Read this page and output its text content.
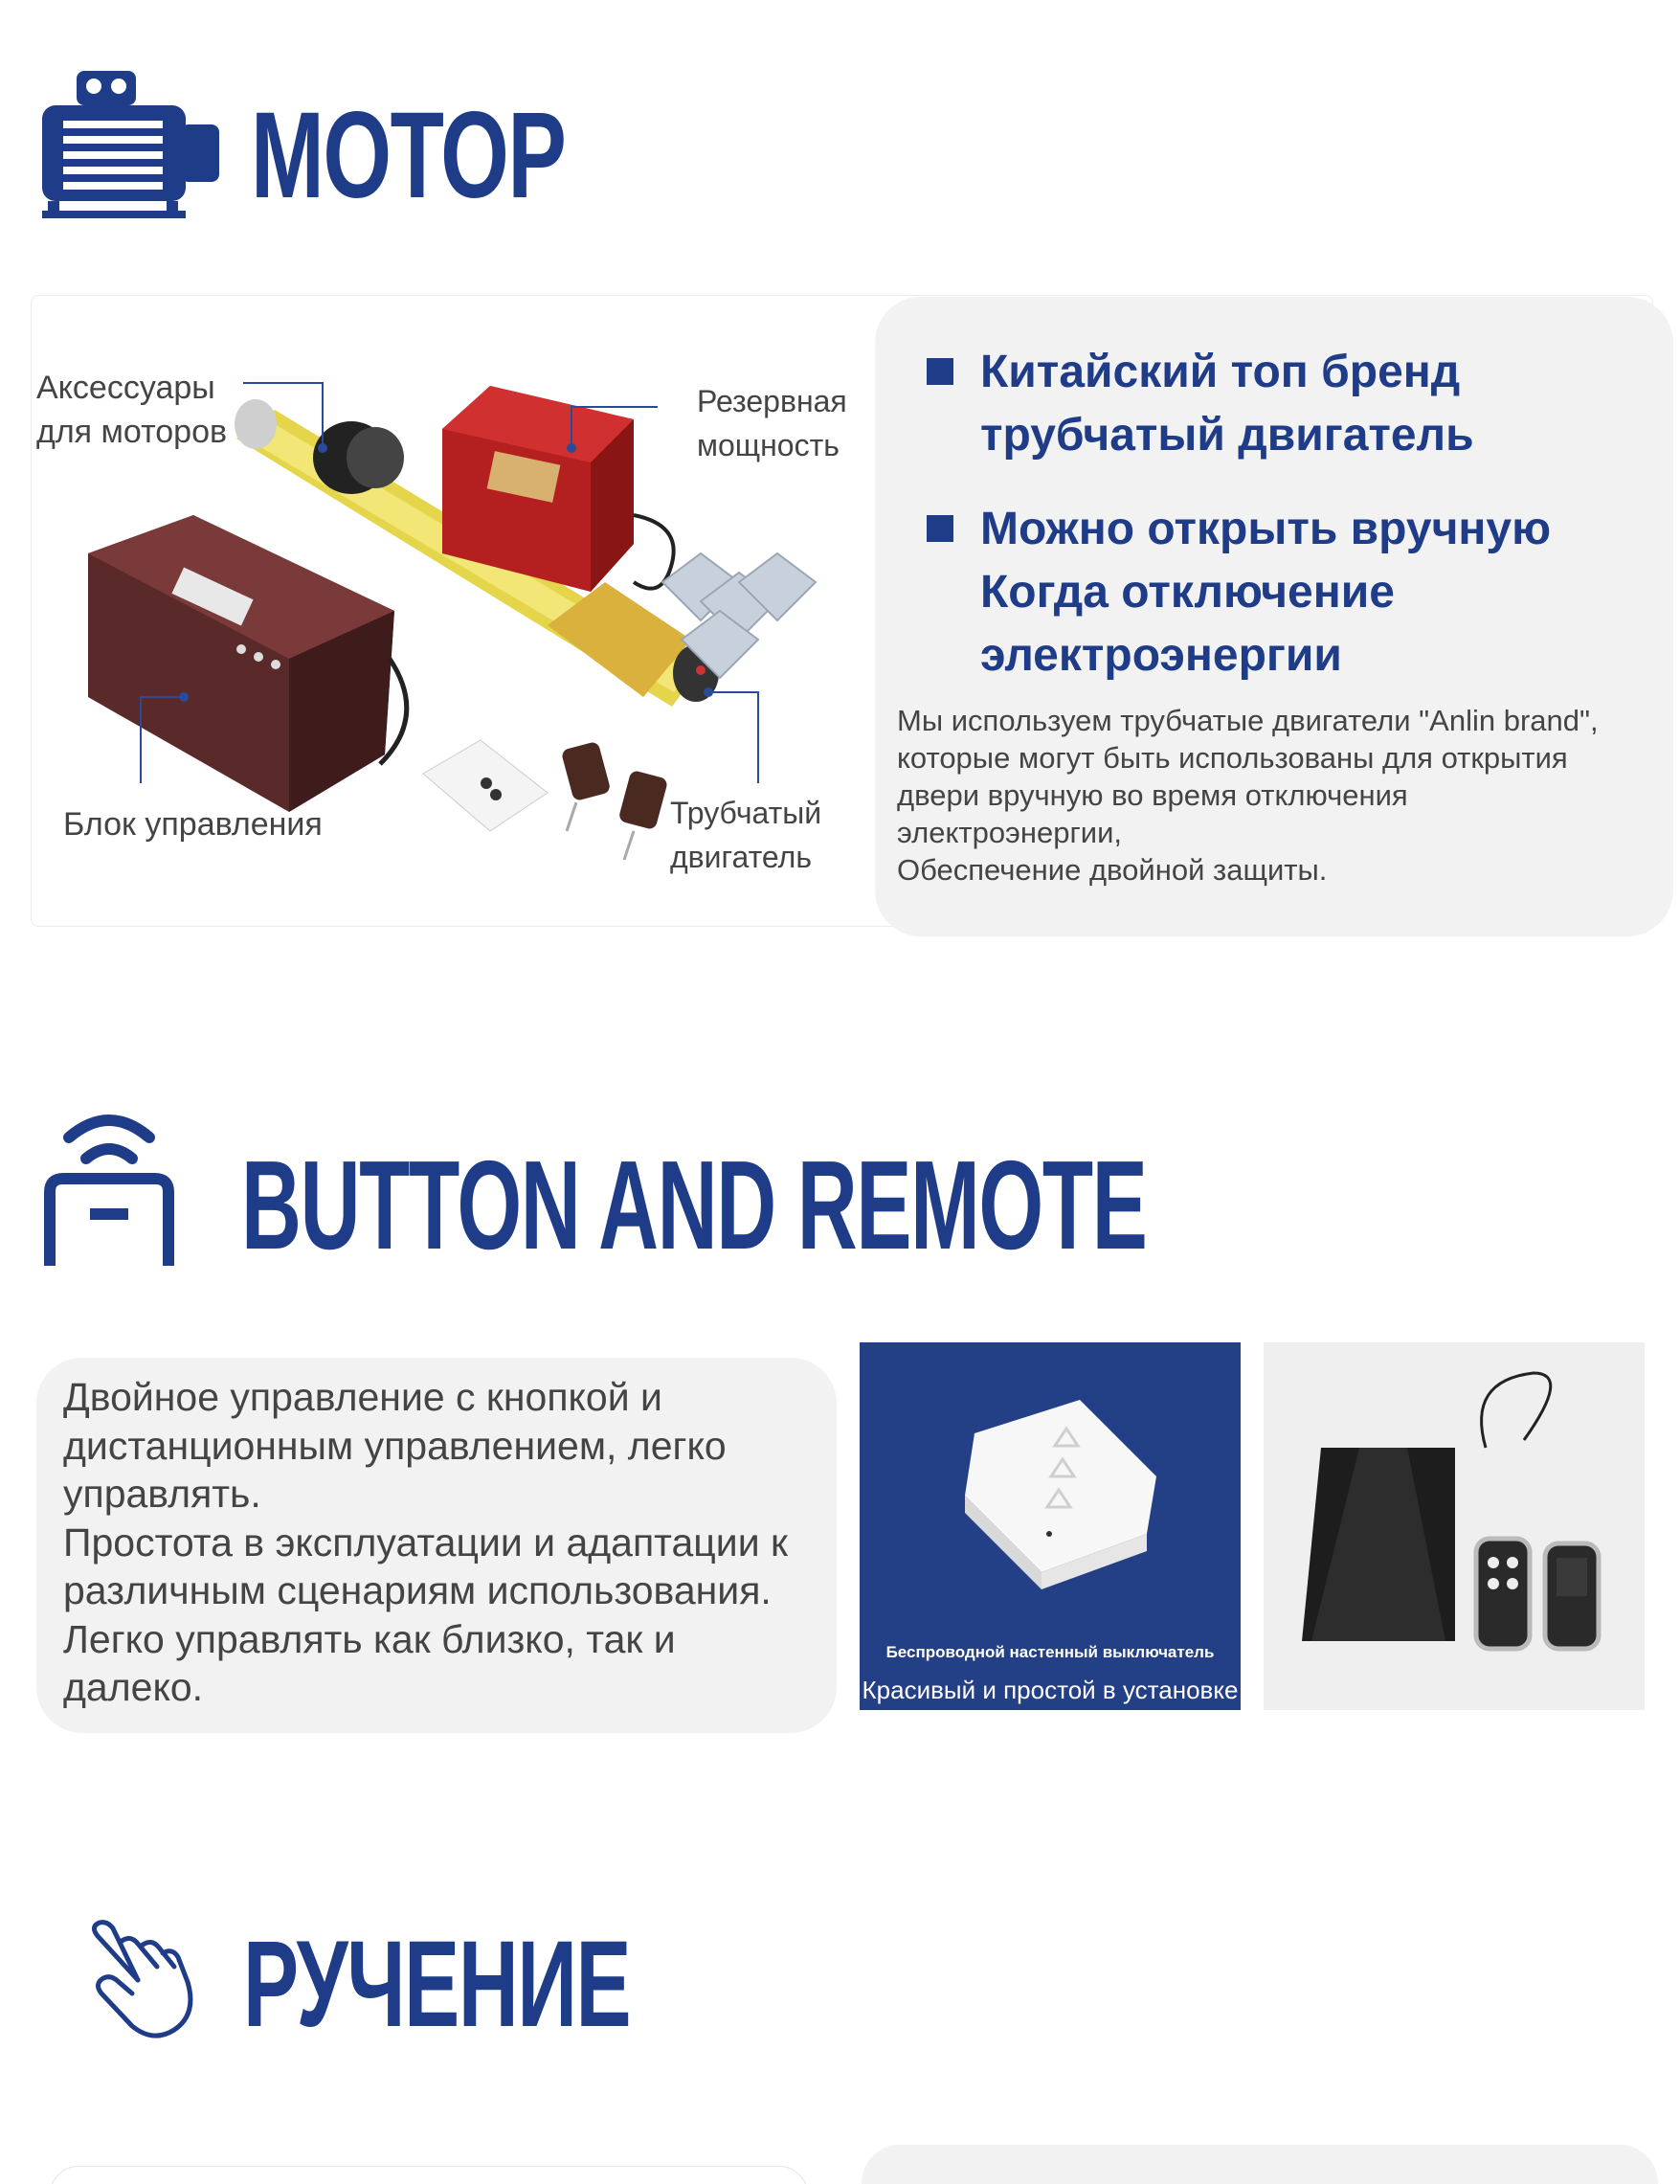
МОТОР
Аксессуары
для моторов
Резервная
мощность
Блок управления	Трубчатый
двигатель
Китайский топ бренд
трубчатый двигатель
Можно открыть вручную
Когда отключение
электроэнергии
Мы используем трубчатые двигатели "Anlin brand",
которые могут быть использованы для открытия
двери вручную во время отключения
электроэнергии,
Обеспечение двойной защиты.
BUTTON AND REMOTE
Двойное управление с кнопкой и
дистанционным управлением, легко
управлять.
Простота в эксплуатации и адаптации к
различным сценариям использования.
Легко управлять как близко, так и
далеко.
Беспроводной настенный выключатель
Красивый и простой в установке
РУЧЕНИЕ
